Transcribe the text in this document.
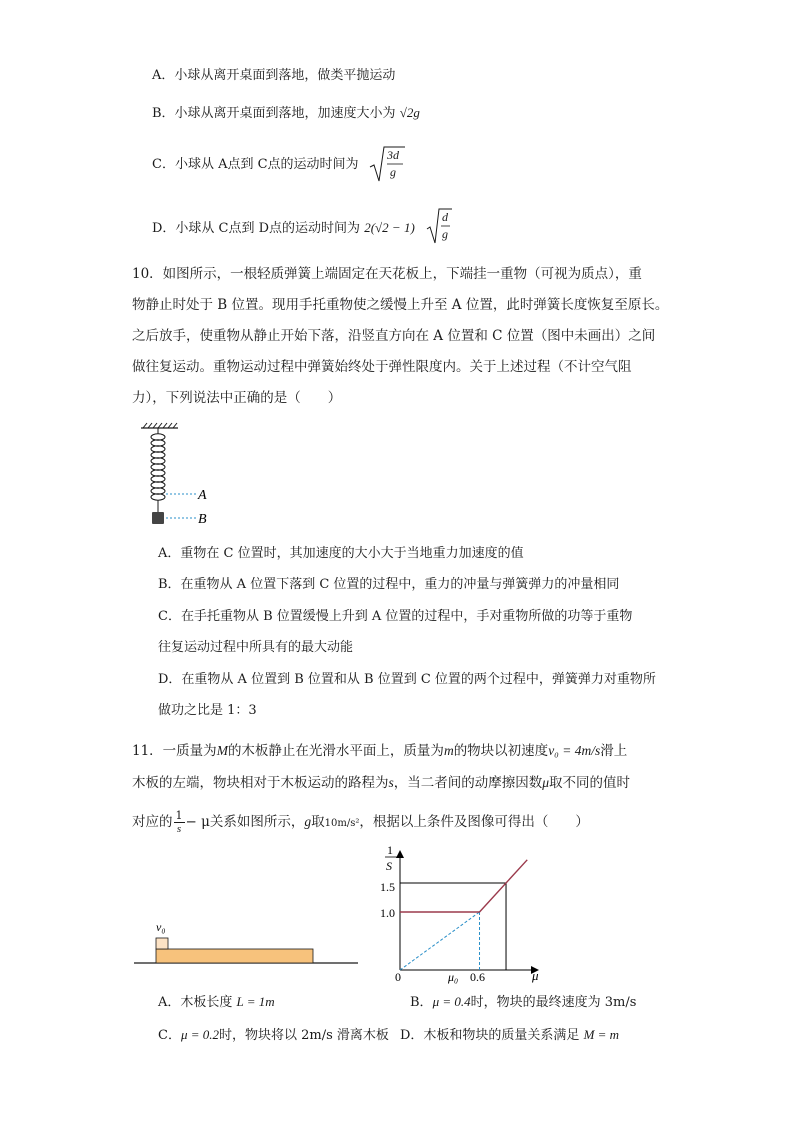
A．小球从离开桌面到落地，做类平抛运动
B．小球从离开桌面到落地，加速度大小为 √2g
C．小球从 A点到 C点的运动时间为
3d
g
D．小球从 C点到 D点的运动时间为 2(√2 − 1)
d
g
10．如图所示，一根轻质弹簧上端固定在天花板上，下端挂一重物（可视为质点），重
物静止时处于 B 位置。现用手托重物使之缓慢上升至 A 位置，此时弹簧长度恢复至原长。
之后放手，使重物从静止开始下落，沿竖直方向在 A 位置和 C 位置（图中未画出）之间
做往复运动。重物运动过程中弹簧始终处于弹性限度内。关于上述过程（不计空气阻
力），下列说法中正确的是（　　）
A
B
A．重物在 C 位置时，其加速度的大小大于当地重力加速度的值
B．在重物从 A 位置下落到 C 位置的过程中，重力的冲量与弹簧弹力的冲量相同
C．在手托重物从 B 位置缓慢上升到 A 位置的过程中，手对重物所做的功等于重物
往复运动过程中所具有的最大动能
D．在重物从 A 位置到 B 位置和从 B 位置到 C 位置的两个过程中，弹簧弹力对重物所
做功之比是 1：3
11．一质量为M的木板静止在光滑水平面上，质量为m的物块以初速度v₀ = 4m/s滑上
木板的左端，物块相对于木板运动的路程为s，当二者间的动摩擦因数μ取不同的值时
对应的 $\frac{1}{s} - \mu$关系如图所示，g取10m/s²，根据以上条件及图像可得出（　　）
v₀
1
S
1.5
1.0
0	μ₀ 0.6	μ
A．木板长度 L = 1m	B．μ = 0.4时，物块的最终速度为 3m/s
C．μ = 0.2时，物块将以 2m/s 滑离木板 D．木板和物块的质量关系满足 M = m
